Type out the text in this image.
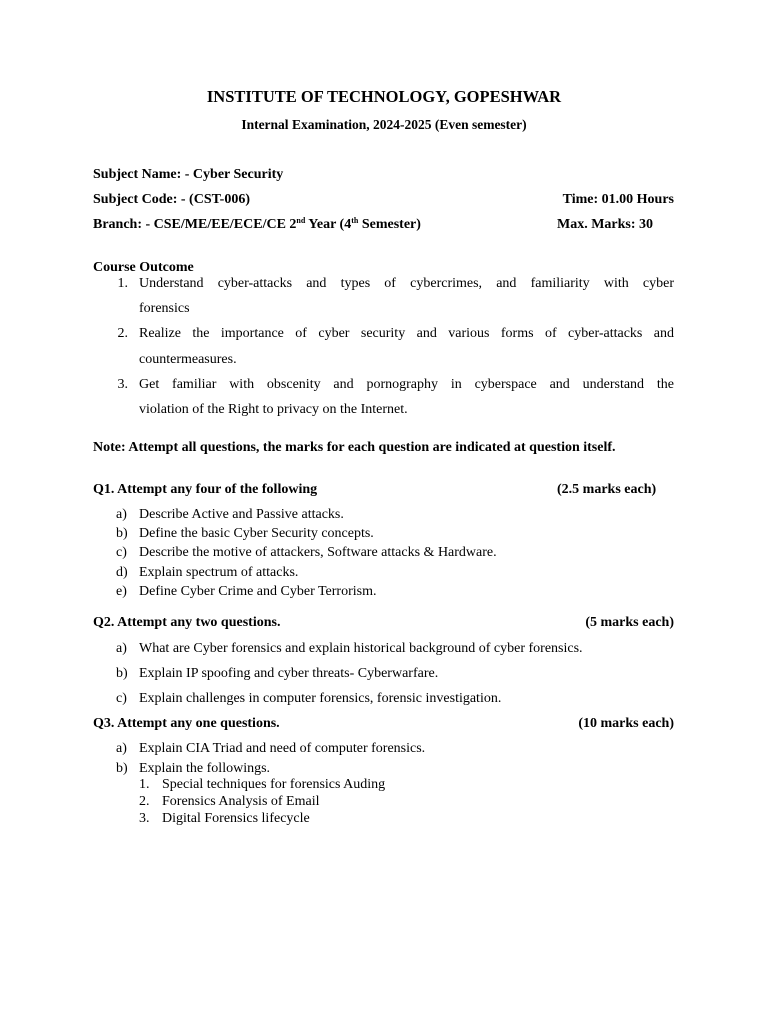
INSTITUTE OF TECHNOLOGY, GOPESHWAR
Internal Examination, 2024-2025 (Even semester)
Subject Name: - Cyber Security
Subject Code: - (CST-006)	Time: 01.00 Hours
Branch: - CSE/ME/EE/ECE/CE 2nd Year (4th Semester)	Max. Marks: 30
Course Outcome
1. Understand cyber-attacks and types of cybercrimes, and familiarity with cyber
forensics
2. Realize the importance of cyber security and various forms of cyber-attacks and
countermeasures.
3. Get familiar with obscenity and pornography in cyberspace and understand the
violation of the Right to privacy on the Internet.
Note: Attempt all questions, the marks for each question are indicated at question itself.
Q1. Attempt any four of the following	(2.5 marks each)
a) Describe Active and Passive attacks.
b) Define the basic Cyber Security concepts.
c) Describe the motive of attackers, Software attacks & Hardware.
d) Explain spectrum of attacks.
e) Define Cyber Crime and Cyber Terrorism.
Q2. Attempt any two questions.	(5 marks each)
a) What are Cyber forensics and explain historical background of cyber forensics.
b) Explain IP spoofing and cyber threats- Cyberwarfare.
c) Explain challenges in computer forensics, forensic investigation.
Q3. Attempt any one questions.	(10 marks each)
a) Explain CIA Triad and need of computer forensics.
b) Explain the followings.
1. Special techniques for forensics Auding
2. Forensics Analysis of Email
3. Digital Forensics lifecycle
